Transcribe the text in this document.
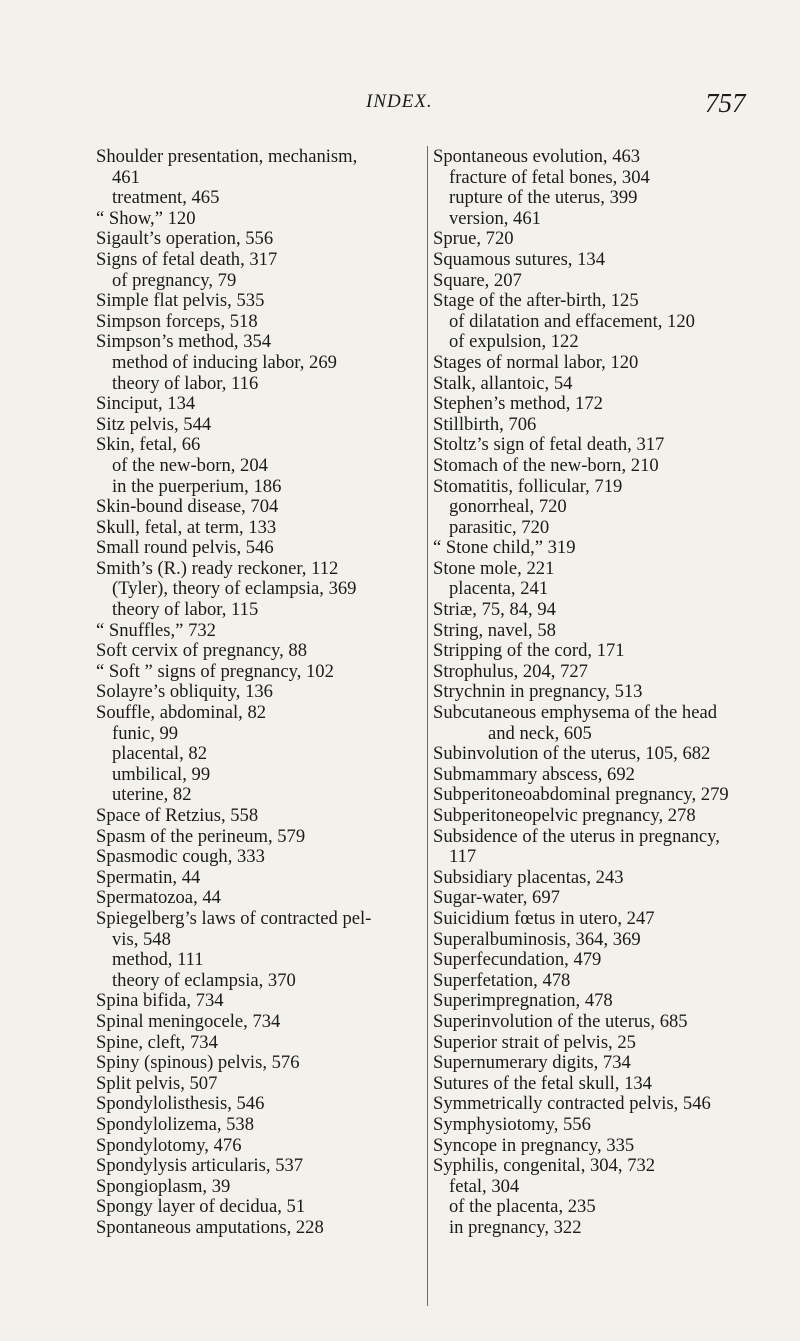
INDEX.	757
Shoulder presentation, mechanism,
461
treatment, 465
“ Show,” 120
Sigault’s operation, 556
Signs of fetal death, 317
of pregnancy, 79
Simple flat pelvis, 535
Simpson forceps, 518
Simpson’s method, 354
method of inducing labor, 269
theory of labor, 116
Sinciput, 134
Sitz pelvis, 544
Skin, fetal, 66
of the new-born, 204
in the puerperium, 186
Skin-bound disease, 704
Skull, fetal, at term, 133
Small round pelvis, 546
Smith’s (R.) ready reckoner, 112
(Tyler), theory of eclampsia, 369
theory of labor, 115
“ Snuffles,” 732
Soft cervix of pregnancy, 88
“ Soft ” signs of pregnancy, 102
Solayre’s obliquity, 136
Souffle, abdominal, 82
funic, 99
placental, 82
umbilical, 99
uterine, 82
Space of Retzius, 558
Spasm of the perineum, 579
Spasmodic cough, 333
Spermatin, 44
Spermatozoa, 44
Spiegelberg’s laws of contracted pel-
vis, 548
method, 111
theory of eclampsia, 370
Spina bifida, 734
Spinal meningocele, 734
Spine, cleft, 734
Spiny (spinous) pelvis, 576
Split pelvis, 507
Spondylolisthesis, 546
Spondylolizema, 538
Spondylotomy, 476
Spondylysis articularis, 537
Spongioplasm, 39
Spongy layer of decidua, 51
Spontaneous amputations, 228
Spontaneous evolution, 463
fracture of fetal bones, 304
rupture of the uterus, 399
version, 461
Sprue, 720
Squamous sutures, 134
Square, 207
Stage of the after-birth, 125
of dilatation and effacement, 120
of expulsion, 122
Stages of normal labor, 120
Stalk, allantoic, 54
Stephen’s method, 172
Stillbirth, 706
Stoltz’s sign of fetal death, 317
Stomach of the new-born, 210
Stomatitis, follicular, 719
gonorrheal, 720
parasitic, 720
“ Stone child,” 319
Stone mole, 221
placenta, 241
Striæ, 75, 84, 94
String, navel, 58
Stripping of the cord, 171
Strophulus, 204, 727
Strychnin in pregnancy, 513
Subcutaneous emphysema of the head
and neck, 605
Subinvolution of the uterus, 105, 682
Submammary abscess, 692
Subperitoneoabdominal pregnancy, 279
Subperitoneopelvic pregnancy, 278
Subsidence of the uterus in pregnancy,
117
Subsidiary placentas, 243
Sugar-water, 697
Suicidium fœtus in utero, 247
Superalbuminosis, 364, 369
Superfecundation, 479
Superfetation, 478
Superimpregnation, 478
Superinvolution of the uterus, 685
Superior strait of pelvis, 25
Supernumerary digits, 734
Sutures of the fetal skull, 134
Symmetrically contracted pelvis, 546
Symphysiotomy, 556
Syncope in pregnancy, 335
Syphilis, congenital, 304, 732
fetal, 304
of the placenta, 235
in pregnancy, 322
